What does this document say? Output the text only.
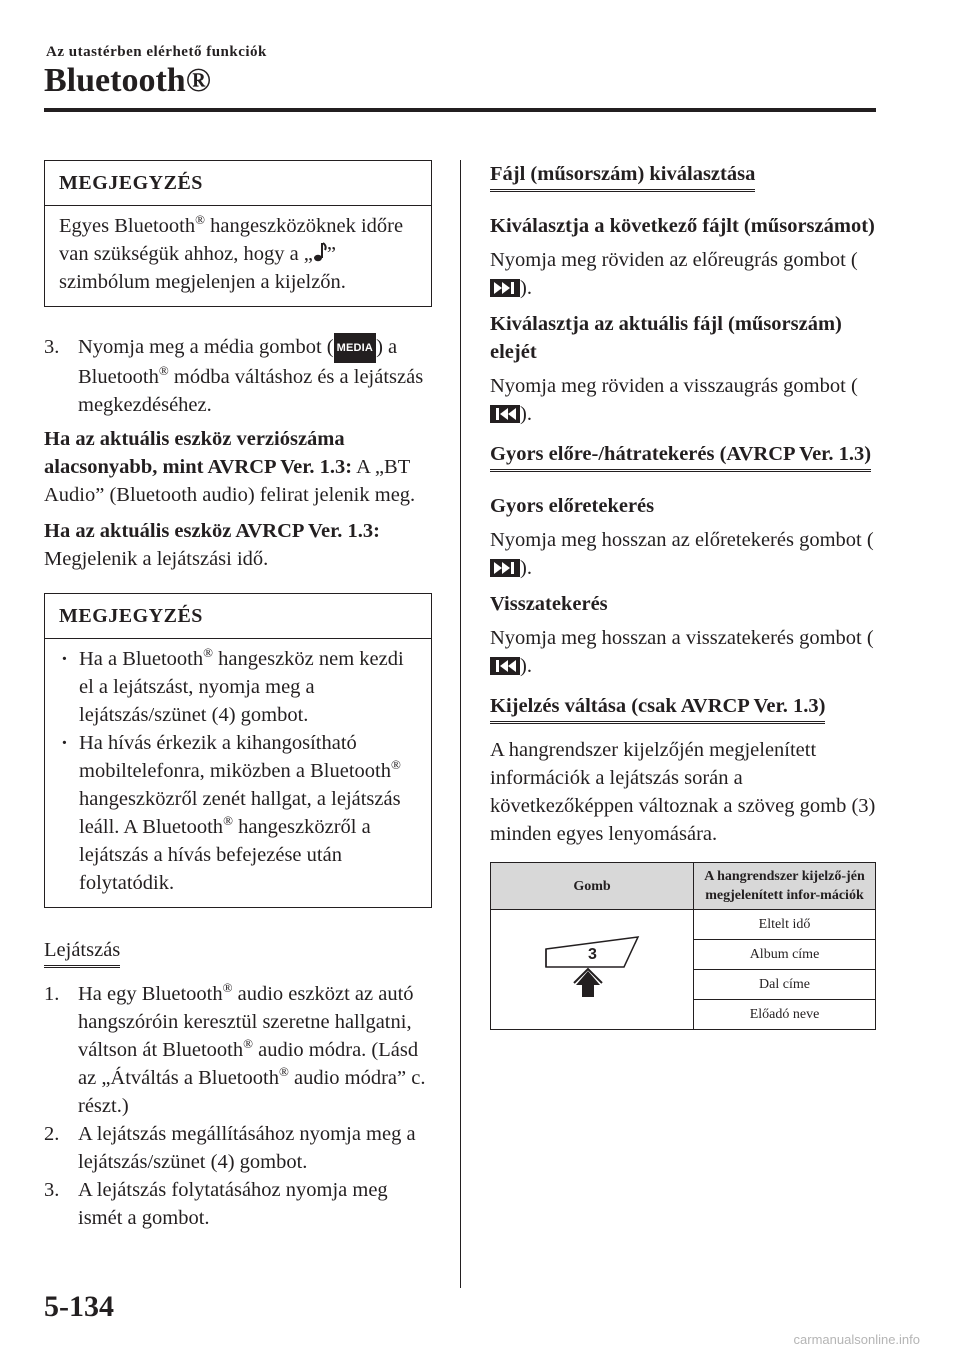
Az utastérben elérhető funkciók
Bluetooth®
MEGJEGYZÉS
Egyes Bluetooth® hangeszközöknek időre van szükségük ahhoz, hogy a „ ” szimbólum megjelenjen a kijelzőn.
3. Nyomja meg a média gombot ( MEDIA ) a Bluetooth® módba váltáshoz és a lejátszás megkezdéséhez.
Ha az aktuális eszköz verziószáma alacsonyabb, mint AVRCP Ver. 1.3: A „BT Audio” (Bluetooth audio) felirat jelenik meg.
Ha az aktuális eszköz AVRCP Ver. 1.3:
Megjelenik a lejátszási idő.
MEGJEGYZÉS
· Ha a Bluetooth® hangeszköz nem kezdi el a lejátszást, nyomja meg a lejátszás/szünet (4) gombot.
· Ha hívás érkezik a kihangosítható mobiltelefonra, miközben a Bluetooth® hangeszközről zenét hallgat, a lejátszás leáll. A Bluetooth® hangeszközről a lejátszás a hívás befejezése után folytatódik.
Lejátszás
1. Ha egy Bluetooth® audio eszközt az autó hangszóróin keresztül szeretne hallgatni, váltson át Bluetooth® audio módra. (Lásd az „Átváltás a Bluetooth® audio módra” c. részt.)
2. A lejátszás megállításához nyomja meg a lejátszás/szünet (4) gombot.
3. A lejátszás folytatásához nyomja meg ismét a gombot.
Fájl (műsorszám) kiválasztása
Kiválasztja a következő fájlt (műsorszámot)
Nyomja meg röviden az előreugrás gombot ().
Kiválasztja az aktuális fájl (műsorszám) elejét
Nyomja meg röviden a visszaugrás gombot ().
Gyors előre-/hátratekerés (AVRCP Ver. 1.3)
Gyors előretekerés
Nyomja meg hosszan az előretekerés gombot ().
Visszatekerés
Nyomja meg hosszan a visszatekerés gombot ().
Kijelzés váltása (csak AVRCP Ver. 1.3)
A hangrendszer kijelzőjén megjelenített információk a lejátszás során a következőképpen változnak a szöveg gomb (3) minden egyes lenyomására.
Gomb	A hangrendszer kijelző-jén megjelenített infor-mációk

3	Eltelt idő
	Album címe
	Dal címe
	Előadó neve
5-134
carmanualsonline.info
